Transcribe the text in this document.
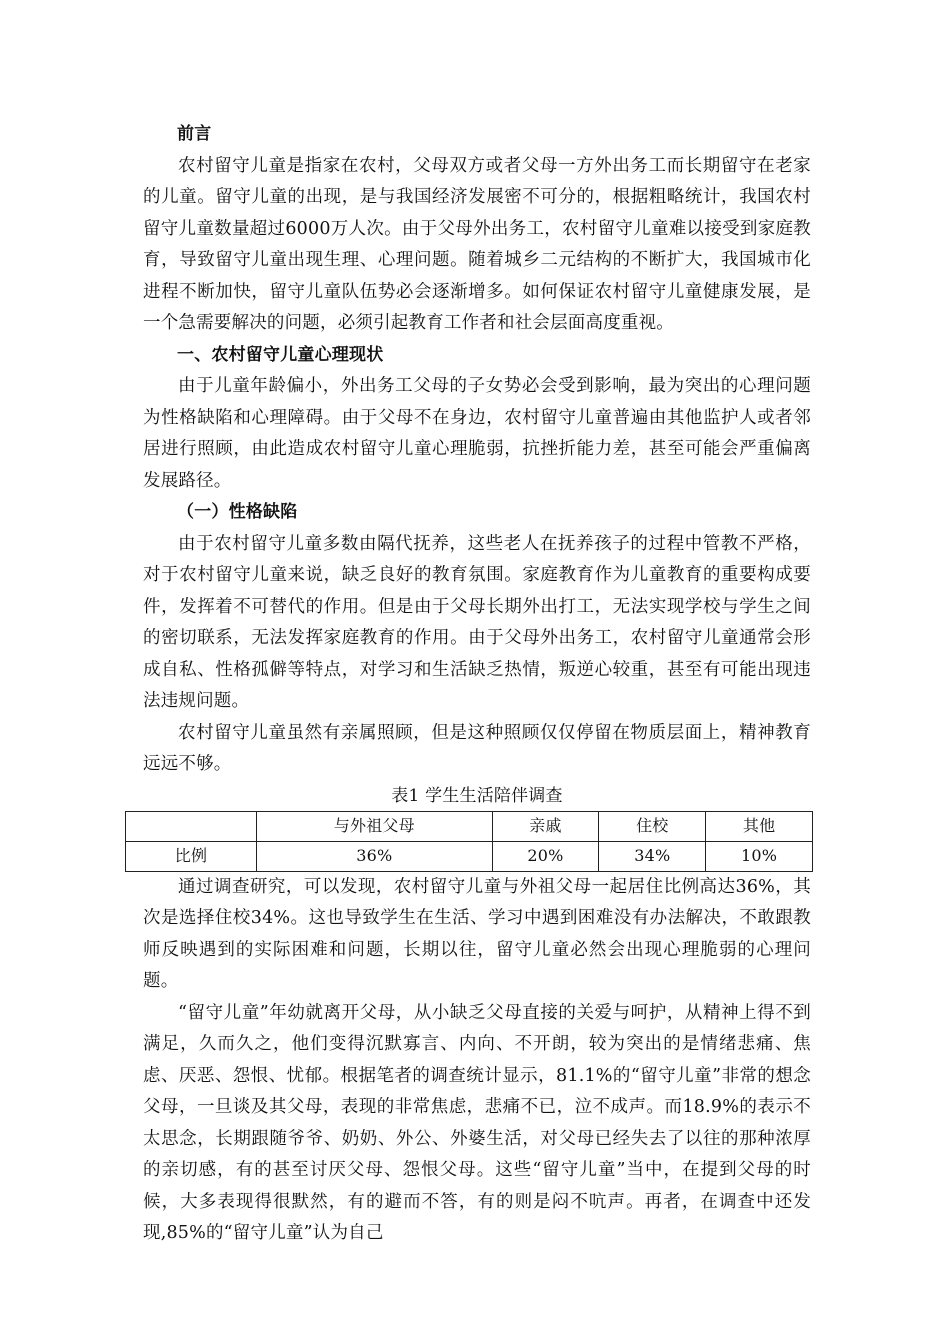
前言

农村留守儿童是指家在农村，父母双方或者父母一方外出务工而长期留守在老家的儿童。留守儿童的出现，是与我国经济发展密不可分的，根据粗略统计，我国农村留守儿童数量超过6000万人次。由于父母外出务工，农村留守儿童难以接受到家庭教育，导致留守儿童出现生理、心理问题。随着城乡二元结构的不断扩大，我国城市化进程不断加快，留守儿童队伍势必会逐渐增多。如何保证农村留守儿童健康发展，是一个急需要解决的问题，必须引起教育工作者和社会层面高度重视。

一、农村留守儿童心理现状

由于儿童年龄偏小，外出务工父母的子女势必会受到影响，最为突出的心理问题为性格缺陷和心理障碍。由于父母不在身边，农村留守儿童普遍由其他监护人或者邻居进行照顾，由此造成农村留守儿童心理脆弱，抗挫折能力差，甚至可能会严重偏离发展路径。

（一）性格缺陷

由于农村留守儿童多数由隔代抚养，这些老人在抚养孩子的过程中管教不严格，对于农村留守儿童来说，缺乏良好的教育氛围。家庭教育作为儿童教育的重要构成要件，发挥着不可替代的作用。但是由于父母长期外出打工，无法实现学校与学生之间的密切联系，无法发挥家庭教育的作用。由于父母外出务工，农村留守儿童通常会形成自私、性格孤僻等特点，对学习和生活缺乏热情，叛逆心较重，甚至有可能出现违法违规问题。

农村留守儿童虽然有亲属照顾，但是这种照顾仅仅停留在物质层面上，精神教育远远不够。

表1 学生生活陪伴调查

	与外祖父母	亲戚	住校	其他
比例	36%	20%	34%	10%

通过调查研究，可以发现，农村留守儿童与外祖父母一起居住比例高达36%，其次是选择住校34%。这也导致学生在生活、学习中遇到困难没有办法解决，不敢跟教师反映遇到的实际困难和问题，长期以往，留守儿童必然会出现心理脆弱的心理问题。

“留守儿童”年幼就离开父母，从小缺乏父母直接的关爱与呵护，从精神上得不到满足，久而久之，他们变得沉默寡言、内向、不开朗，较为突出的是情绪悲痛、焦虑、厌恶、怨恨、忧郁。根据笔者的调查统计显示，81.1%的“留守儿童”非常的想念父母，一旦谈及其父母，表现的非常焦虑，悲痛不已，泣不成声。而18.9%的表示不太思念，长期跟随爷爷、奶奶、外公、外婆生活，对父母已经失去了以往的那种浓厚的亲切感，有的甚至讨厌父母、怨恨父母。这些“留守儿童”当中，在提到父母的时候，大多表现得很默然，有的避而不答，有的则是闷不吭声。再者，在调查中还发现,85%的“留守儿童”认为自己
